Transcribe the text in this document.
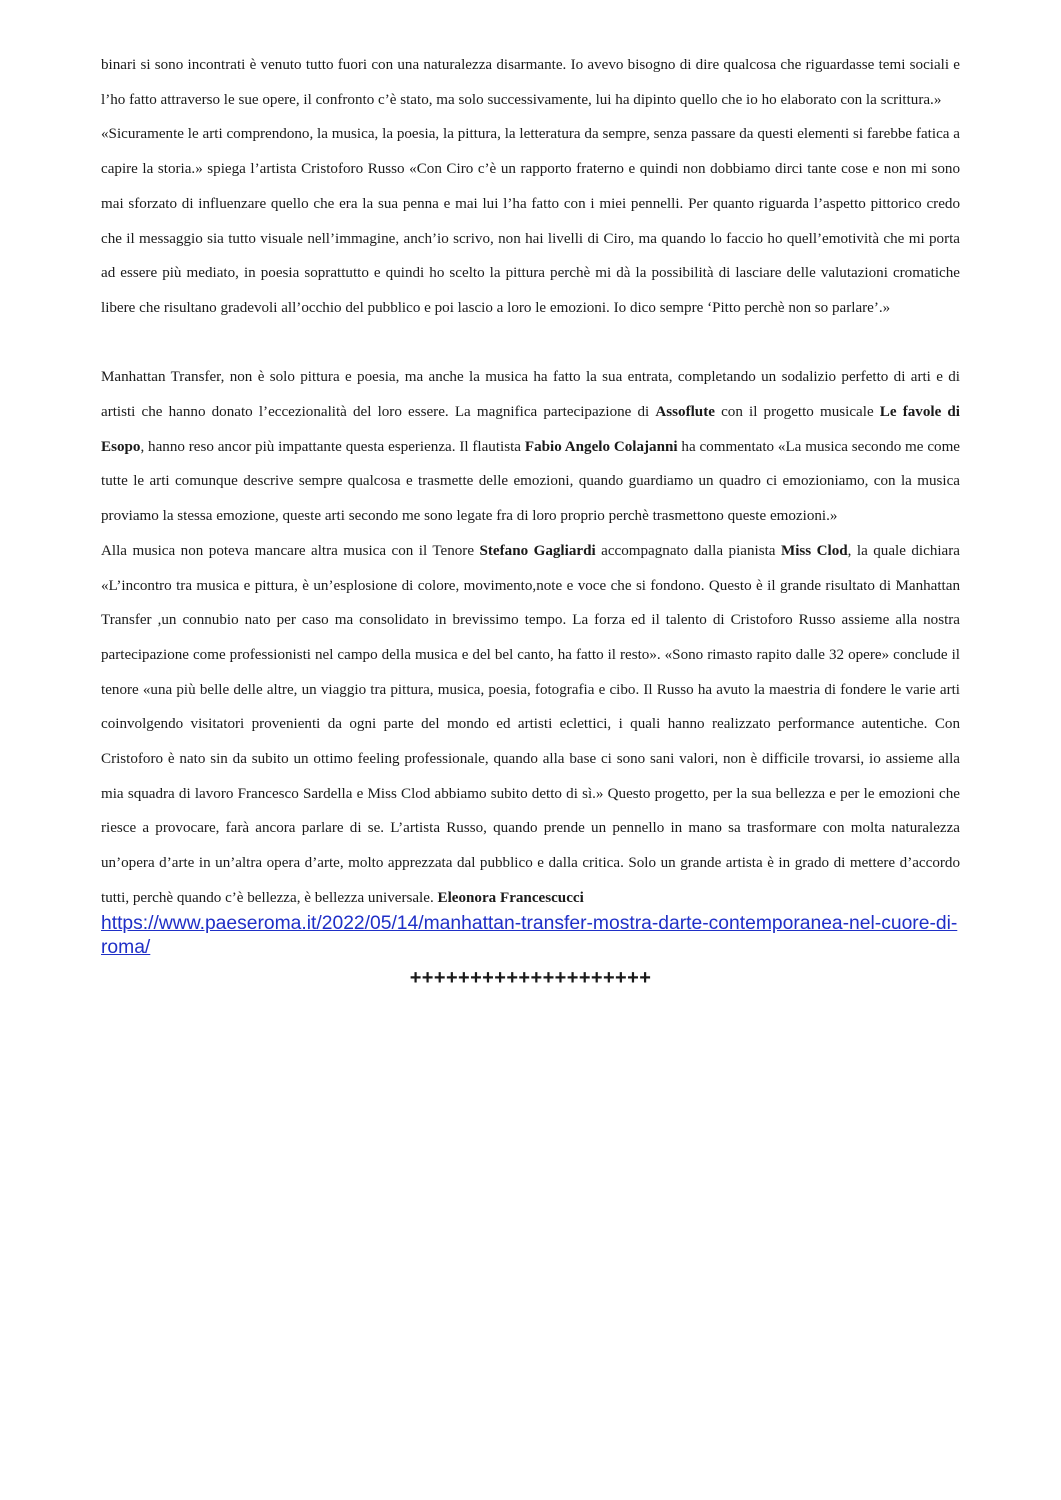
binari si sono incontrati è venuto tutto fuori con una naturalezza disarmante. Io avevo bisogno di dire qualcosa che riguardasse temi sociali e l’ho fatto attraverso le sue opere, il confronto c’è stato, ma solo successivamente, lui ha dipinto quello che io ho elaborato con la scrittura.»

«Sicuramente le arti comprendono, la musica, la poesia, la pittura, la letteratura da sempre, senza passare da questi elementi si farebbe fatica a capire la storia.» spiega l’artista Cristoforo Russo «Con Ciro c’è un rapporto fraterno e quindi non dobbiamo dirci tante cose e non mi sono mai sforzato di influenzare quello che era la sua penna e mai lui l’ha fatto con i miei pennelli. Per quanto riguarda l’aspetto pittorico credo che il messaggio sia tutto visuale nell’immagine, anch’io scrivo, non hai livelli di Ciro, ma quando lo faccio ho quell’emotività che mi porta ad essere più mediato, in poesia soprattutto e quindi ho scelto la pittura perchè mi dà la possibilità di lasciare delle valutazioni cromatiche libere che risultano gradevoli all’occhio del pubblico e poi lascio a loro le emozioni. Io dico sempre ‘Pitto perchè non so parlare’.»

Manhattan Transfer, non è solo pittura e poesia, ma anche la musica ha fatto la sua entrata, completando un sodalizio perfetto di arti e di artisti che hanno donato l’eccezionalità del loro essere. La magnifica partecipazione di Assoflute con il progetto musicale Le favole di Esopo, hanno reso ancor più impattante questa esperienza. Il flautista Fabio Angelo Colajanni ha commentato «La musica secondo me come tutte le arti comunque descrive sempre qualcosa e trasmette delle emozioni, quando guardiamo un quadro ci emozioniamo, con la musica proviamo la stessa emozione, queste arti secondo me sono legate fra di loro proprio perchè trasmettono queste emozioni.»

Alla musica non poteva mancare altra musica con il Tenore Stefano Gagliardi accompagnato dalla pianista Miss Clod, la quale dichiara «L’incontro tra musica e pittura, è un’esplosione di colore, movimento,note e voce che si fondono. Questo è il grande risultato di Manhattan Transfer ,un connubio nato per caso ma consolidato in brevissimo tempo. La forza ed il talento di Cristoforo Russo assieme alla nostra partecipazione come professionisti nel campo della musica e del bel canto, ha fatto il resto». «Sono rimasto rapito dalle 32 opere» conclude il tenore «una più belle delle altre, un viaggio tra pittura, musica, poesia, fotografia e cibo. Il Russo ha avuto la maestria di fondere le varie arti coinvolgendo visitatori provenienti da ogni parte del mondo ed artisti eclettici, i quali hanno realizzato performance autentiche. Con Cristoforo è nato sin da subito un ottimo feeling professionale, quando alla base ci sono sani valori, non è difficile trovarsi, io assieme alla mia squadra di lavoro Francesco Sardella e Miss Clod abbiamo subito detto di sì.» Questo progetto, per la sua bellezza e per le emozioni che riesce a provocare, farà ancora parlare di se. L’artista Russo, quando prende un pennello in mano sa trasformare con molta naturalezza un’opera d’arte in un’altra opera d’arte, molto apprezzata dal pubblico e dalla critica. Solo un grande artista è in grado di mettere d’accordo tutti, perchè quando c’è bellezza, è bellezza universale. Eleonora Francescucci

https://www.paeseroma.it/2022/05/14/manhattan-transfer-mostra-darte-contemporanea-nel-cuore-di-roma/

++++++++++++++++++++
